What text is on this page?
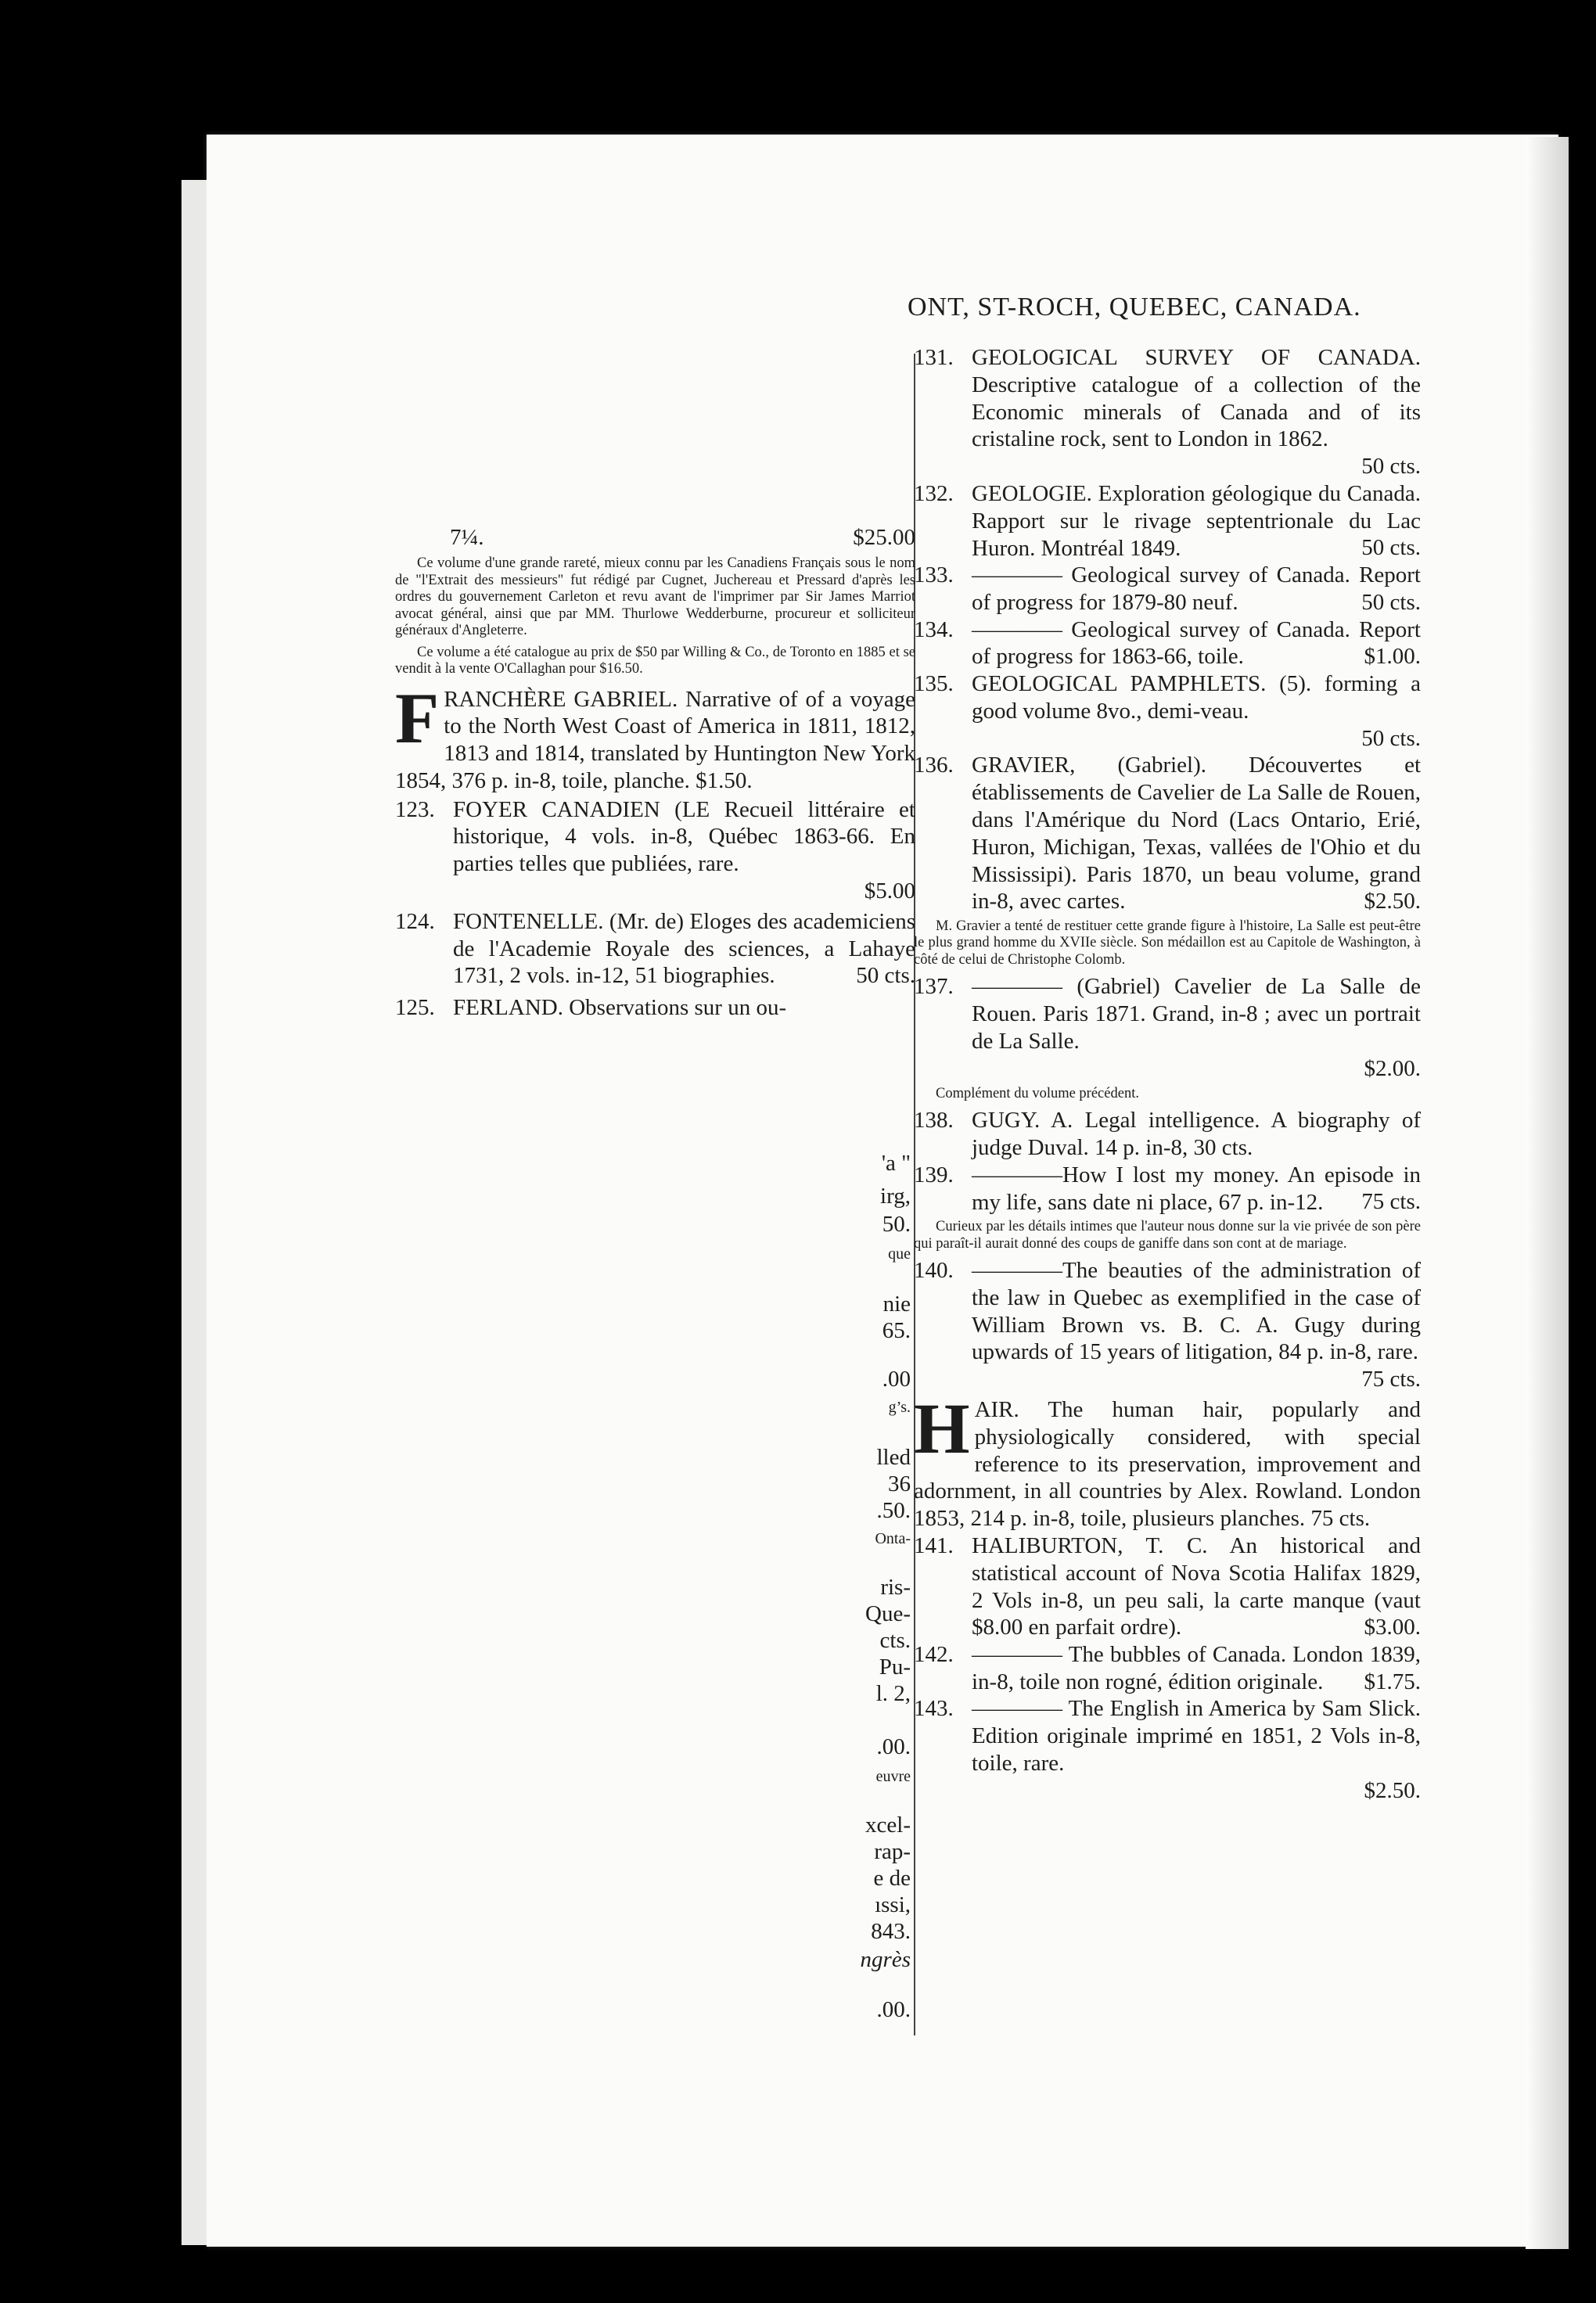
ONT, ST-ROCH, QUEBEC, CANADA.
7¼.	$25.00

Ce volume d'une grande rareté, mieux connu par les Canadiens Français sous le nom de "l'Extrait des messieurs" fut rédigé par Cugnet, Juchereau et Pressard d'après les ordres du gouvernement Carleton et revu avant de l'imprimer par Sir James Marriot avocat général, ainsi que par MM. Thurlowe Wedderburne, procureur et solliciteur généraux d'Angleterre.

Ce volume a été catalogue au prix de $50 par Willing & Co., de Toronto en 1885 et se vendit à la vente O'Callaghan pour $16.50.

F RANCHÈRE GABRIEL. Narrative of of a voyage to the North West Coast of America in 1811, 1812, 1813 and 1814, translated by Huntington New York 1854, 376 p. in-8, toile, planche. $1.50.

123. FOYER CANADIEN (LE Recueil littéraire et historique, 4 vols. in-8, Québec 1863-66. En parties telles que publiées, rare.

$5.00

124. FONTENELLE. (Mr. de) Eloges des academiciens de l'Academie Royale des sciences, a Lahaye 1731, 2 vols. in-12, 51 biographies.	50 cts.

125. FERLAND. Observations sur un ou-

'a "
irg,
50.
que
nie
65.
.00
g’s.
lled
36
.50.
Onta-
ris-
Que-
cts.
Pu-
l. 2,
.00.
euvre
xcel-
rap-
e de
ıssi,
843.
ngrès
.00.

131. GEOLOGICAL SURVEY OF CANADA. Descriptive catalogue of a collection of the Economic minerals of Canada and of its cristaline rock, sent to London in 1862.

50 cts.

132. GEOLOGIE. Exploration géologique du Canada. Rapport sur le rivage septentrionale du Lac Huron. Montréal 1849.	50 cts.

133. ———— Geological survey of Canada. Report of progress for 1879-80 neuf.	50 cts.

134. ———— Geological survey of Canada. Report of progress for 1863-66, toile.	$1.00.

135. GEOLOGICAL PAMPHLETS. (5). forming a good volume 8vo., demi-veau.

50 cts.

136. GRAVIER, (Gabriel). Découvertes et établissements de Cavelier de La Salle de Rouen, dans l'Amérique du Nord (Lacs Ontario, Erié, Huron, Michigan, Texas, vallées de l'Ohio et du Mississipi). Paris 1870, un beau volume, grand in-8, avec cartes.	$2.50.

M. Gravier a tenté de restituer cette grande figure à l'histoire, La Salle est peut-être le plus grand homme du XVIIe siècle. Son médaillon est au Capitole de Washington, à côté de celui de Christophe Colomb.

137. ———— (Gabriel) Cavelier de La Salle de Rouen. Paris 1871. Grand, in-8 ; avec un portrait de La Salle.

$2.00.

Complément du volume précédent.

138. GUGY. A. Legal intelligence. A biography of judge Duval. 14 p. in-8, 30 cts.

139. ————How I lost my money. An episode in my life, sans date ni place, 67 p. in-12.	75 cts.

Curieux par les détails intimes que l'auteur nous donne sur la vie privée de son père qui paraît-il aurait donné des coups de ganiffe dans son cont at de mariage.

140. ————The beauties of the administration of the law in Quebec as exemplified in the case of William Brown vs. B. C. A. Gugy during upwards of 15 years of litigation, 84 p. in-8, rare.

75 cts.

H AIR. The human hair, popularly and physiologically considered, with special reference to its preservation, improvement and adornment, in all countries by Alex. Rowland. London 1853, 214 p. in-8, toile, plusieurs planches. 75 cts.

141. HALIBURTON, T. C. An historical and statistical account of Nova Scotia Halifax 1829, 2 Vols in-8, un peu sali, la carte manque (vaut $8.00 en parfait ordre).	$3.00.

142. ———— The bubbles of Canada. London 1839, in-8, toile non rogné, édition originale.	$1.75.

143. ———— The English in America by Sam Slick. Edition originale imprimé en 1851, 2 Vols in-8, toile, rare.

$2.50.
